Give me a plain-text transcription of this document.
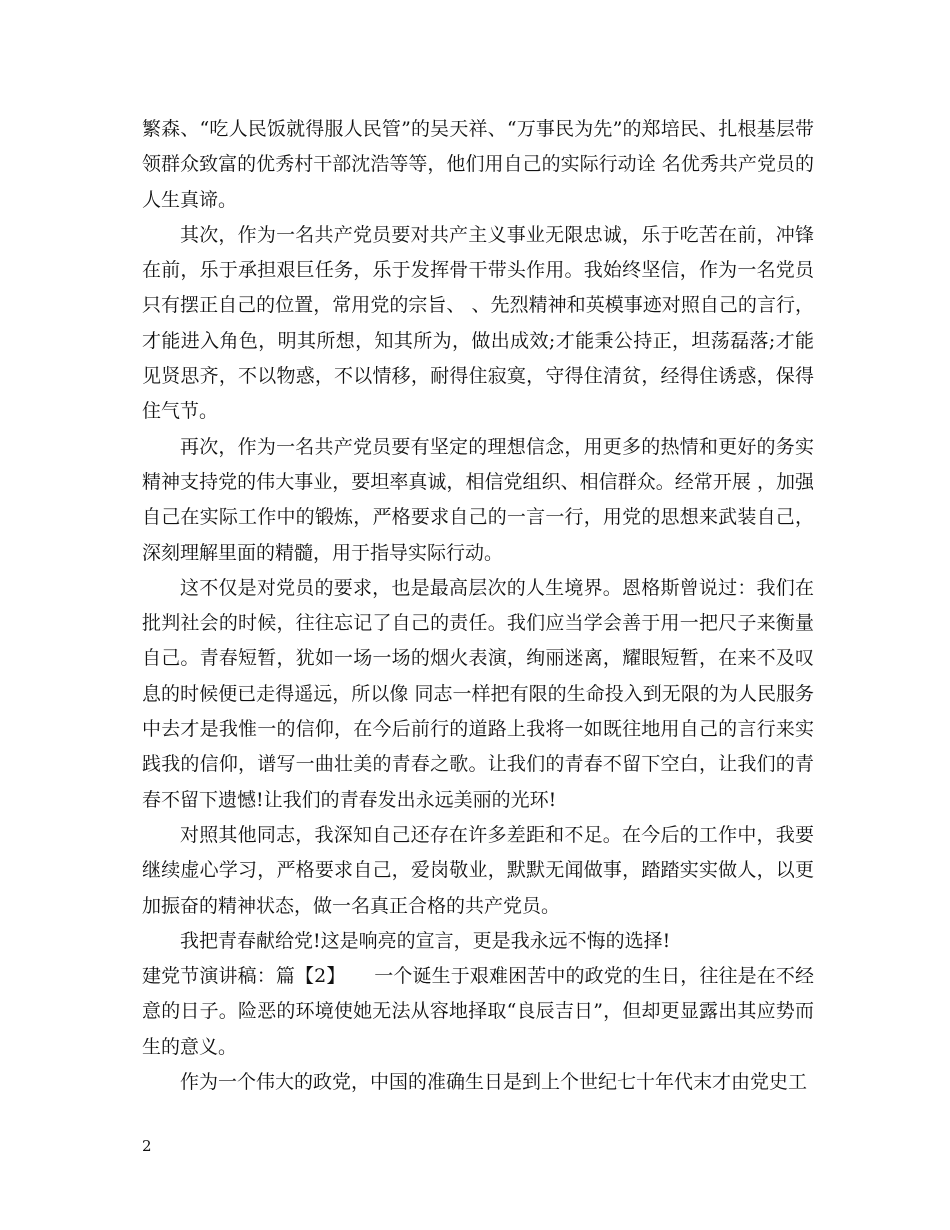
繁森、“吃人民饭就得服人民管”的吴天祥、“万事民为先”的郑培民、扎根基层带领群众致富的优秀村干部沈浩等等，他们用自己的实际行动诠 名优秀共产党员的人生真谛。

其次，作为一名共产党员要对共产主义事业无限忠诚，乐于吃苦在前，冲锋在前，乐于承担艰巨任务，乐于发挥骨干带头作用。我始终坚信，作为一名党员只有摆正自己的位置，常用党的宗旨、 、先烈精神和英模事迹对照自己的言行，才能进入角色，明其所想，知其所为，做出成效;才能秉公持正，坦荡磊落;才能见贤思齐，不以物惑，不以情移，耐得住寂寞，守得住清贫，经得住诱惑，保得住气节。

再次，作为一名共产党员要有坚定的理想信念，用更多的热情和更好的务实精神支持党的伟大事业，要坦率真诚，相信党组织、相信群众。经常开展 ，加强自己在实际工作中的锻炼，严格要求自己的一言一行，用党的思想来武装自己，深刻理解里面的精髓，用于指导实际行动。

这不仅是对党员的要求，也是最高层次的人生境界。恩格斯曾说过：我们在批判社会的时候，往往忘记了自己的责任。我们应当学会善于用一把尺子来衡量自己。青春短暂，犹如一场一场的烟火表演，绚丽迷离，耀眼短暂，在来不及叹息的时候便已走得遥远，所以像 同志一样把有限的生命投入到无限的为人民服务中去才是我惟一的信仰，在今后前行的道路上我将一如既往地用自己的言行来实践我的信仰，谱写一曲壮美的青春之歌。让我们的青春不留下空白，让我们的青春不留下遗憾!让我们的青春发出永远美丽的光环!

对照其他同志，我深知自己还存在许多差距和不足。在今后的工作中，我要继续虚心学习，严格要求自己，爱岗敬业，默默无闻做事，踏踏实实做人，以更加振奋的精神状态，做一名真正合格的共产党员。

我把青春献给党!这是响亮的宣言，更是我永远不悔的选择!

建党节演讲稿：篇【2】　　一个诞生于艰难困苦中的政党的生日，往往是在不经意的日子。险恶的环境使她无法从容地择取“良辰吉日”，但却更显露出其应势而生的意义。

作为一个伟大的政党，中国的准确生日是到上个世纪七十年代末才由党史工

2
